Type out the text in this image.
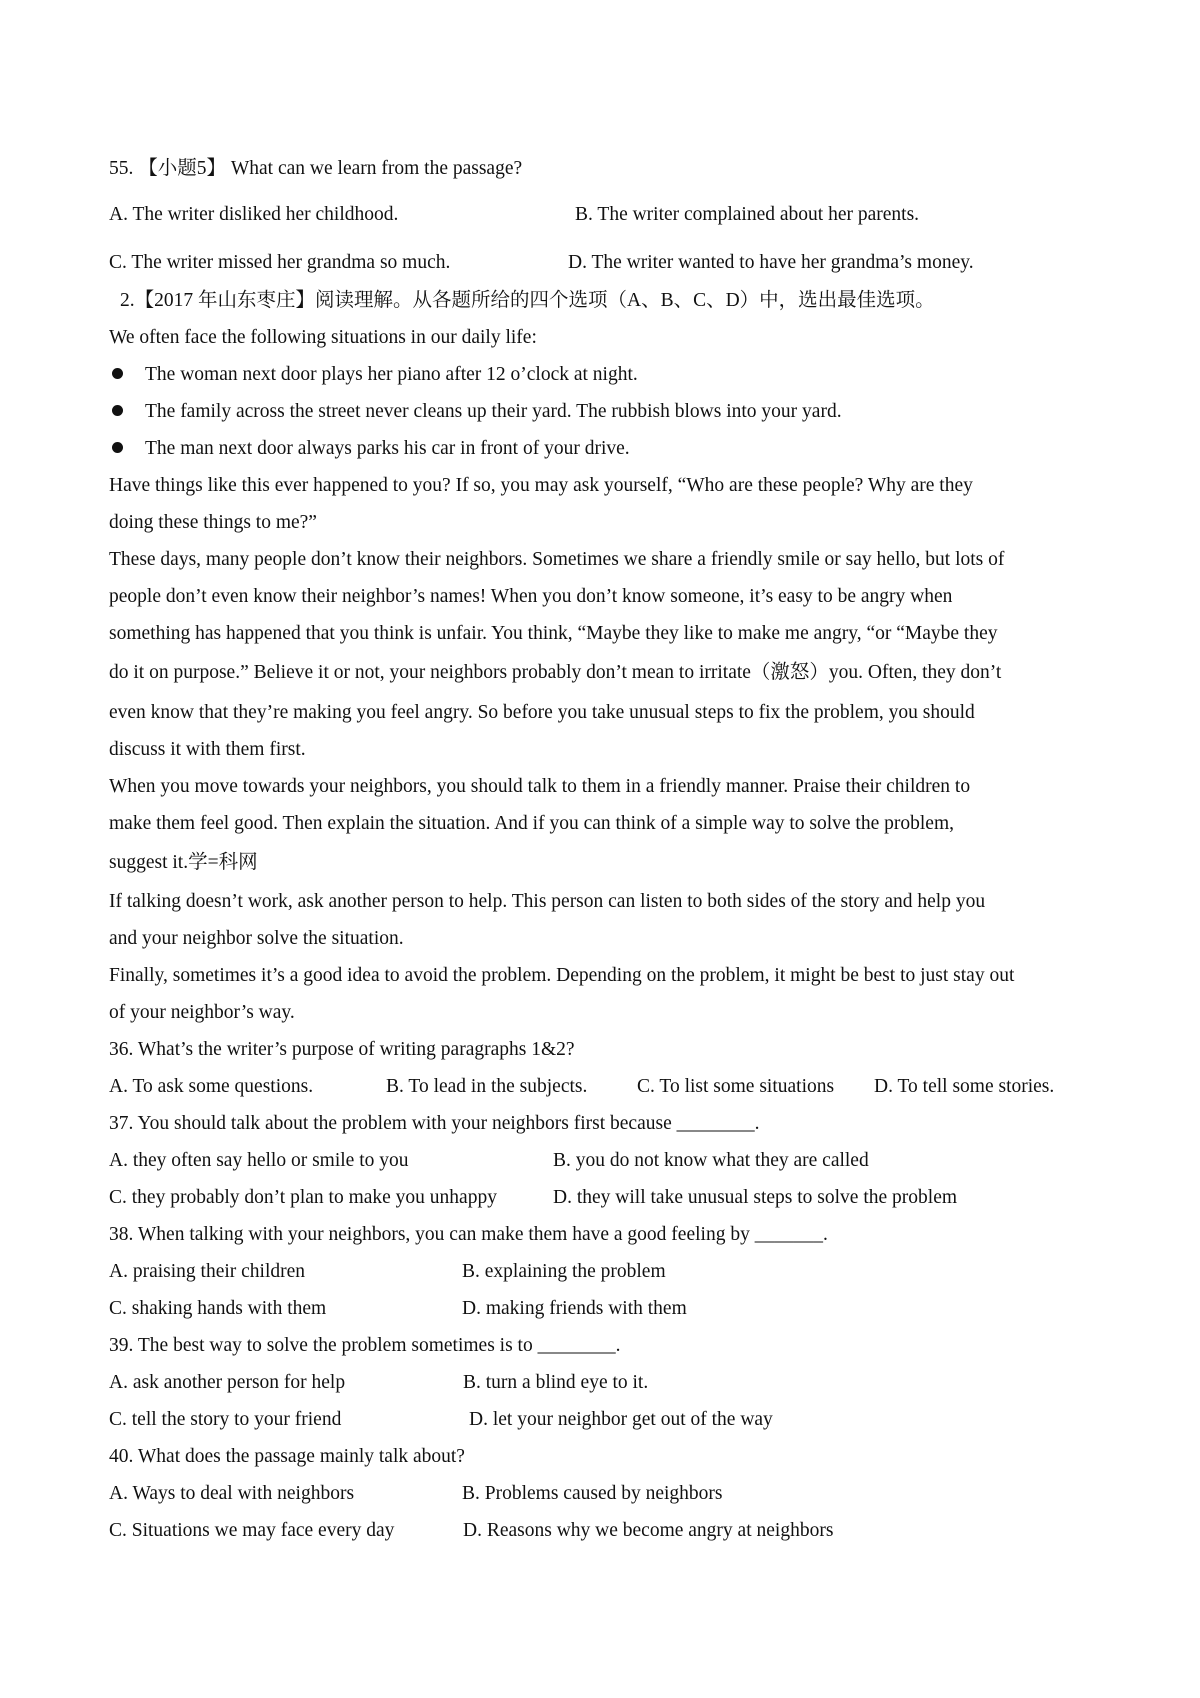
55. 【小题5】 What can we learn from the passage?
A. The writer disliked her childhood.	B. The writer complained about her parents.
C. The writer missed her grandma so much.	D. The writer wanted to have her grandma’s money.
2.【2017 年山东枣庄】阅读理解。从各题所给的四个选项（A、B、C、D）中，选出最佳选项。
We often face the following situations in our daily life:
The woman next door plays her piano after 12 o’clock at night.
The family across the street never cleans up their yard. The rubbish blows into your yard.
The man next door always parks his car in front of your drive.
Have things like this ever happened to you? If so, you may ask yourself, “Who are these people? Why are they
doing these things to me?”
These days, many people don’t know their neighbors. Sometimes we share a friendly smile or say hello, but lots of
people don’t even know their neighbor’s names! When you don’t know someone, it’s easy to be angry when
something has happened that you think is unfair. You think, “Maybe they like to make me angry, “or “Maybe they
do it on purpose.” Believe it or not, your neighbors probably don’t mean to irritate（激怒）you. Often, they don’t
even know that they’re making you feel angry. So before you take unusual steps to fix the problem, you should
discuss it with them first.
When you move towards your neighbors, you should talk to them in a friendly manner. Praise their children to
make them feel good. Then explain the situation. And if you can think of a simple way to solve the problem,
suggest it.学=科网
If talking doesn’t work, ask another person to help. This person can listen to both sides of the story and help you
and your neighbor solve the situation.
Finally, sometimes it’s a good idea to avoid the problem. Depending on the problem, it might be best to just stay out
of your neighbor’s way.
36. What’s the writer’s purpose of writing paragraphs 1&2?
A. To ask some questions.	B. To lead in the subjects.	C. To list some situations D. To tell some stories.
37. You should talk about the problem with your neighbors first because ________.
A. they often say hello or smile to you	B. you do not know what they are called
C. they probably don’t plan to make you unhappy	D. they will take unusual steps to solve the problem
38. When talking with your neighbors, you can make them have a good feeling by _______.
A. praising their children	B. explaining the problem
C. shaking hands with them	D. making friends with them
39. The best way to solve the problem sometimes is to ________.
A. ask another person for help	B. turn a blind eye to it.
C. tell the story to your friend	D. let your neighbor get out of the way
40. What does the passage mainly talk about?
A. Ways to deal with neighbors	B. Problems caused by neighbors
C. Situations we may face every day	D. Reasons why we become angry at neighbors
